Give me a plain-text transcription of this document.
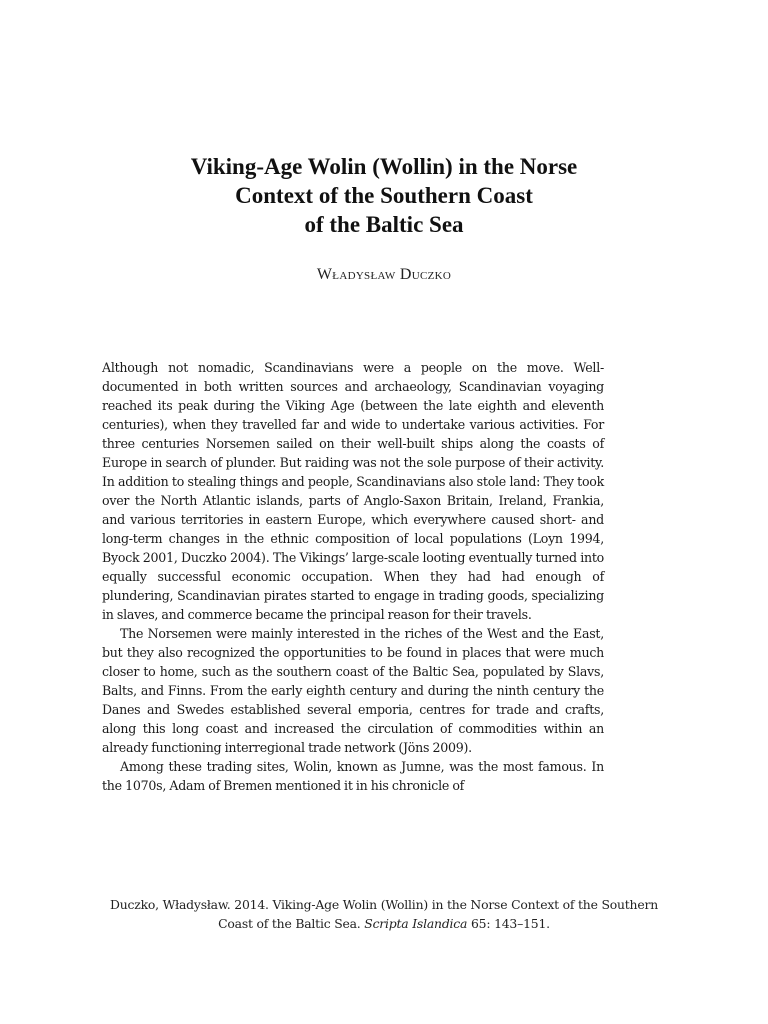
Viking-Age Wolin (Wollin) in the Norse
Context of the Southern Coast
of the Baltic Sea

Władysław Duczko

Although not nomadic, Scandinavians were a people on the move. Well-documented in both written sources and archaeology, Scandinavian voyaging reached its peak during the Viking Age (between the late eighth and eleventh centuries), when they travelled far and wide to undertake various activities. For three centuries Norsemen sailed on their well-built ships along the coasts of Europe in search of plunder. But raiding was not the sole purpose of their activity. In addition to stealing things and people, Scandinavians also stole land: They took over the North Atlantic islands, parts of Anglo-Saxon Britain, Ireland, Frankia, and various territories in eastern Europe, which everywhere caused short- and long-term changes in the ethnic composition of local populations (Loyn 1994, Byock 2001, Duczko 2004). The Vikings’ large-scale looting eventually turned into equally successful economic occupation. When they had had enough of plundering, Scandinavian pirates started to engage in trading goods, specializing in slaves, and commerce became the principal reason for their travels.

The Norsemen were mainly interested in the riches of the West and the East, but they also recognized the opportunities to be found in places that were much closer to home, such as the southern coast of the Baltic Sea, populated by Slavs, Balts, and Finns. From the early eighth century and during the ninth century the Danes and Swedes established several emporia, centres for trade and crafts, along this long coast and increased the circulation of commodities within an already functioning interregional trade network (Jöns 2009).

Among these trading sites, Wolin, known as Jumne, was the most famous. In the 1070s, Adam of Bremen mentioned it in his chronicle of

Duczko, Władysław. 2014. Viking-Age Wolin (Wollin) in the Norse Context of the Southern Coast of the Baltic Sea. Scripta Islandica 65: 143–151.
